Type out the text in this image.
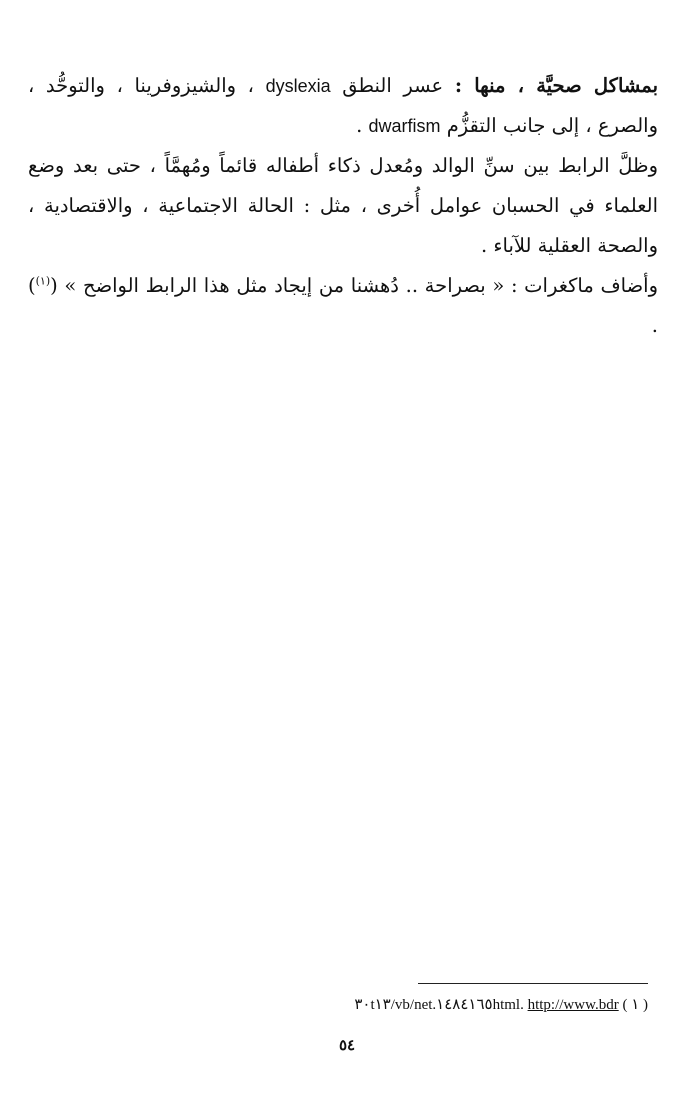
بمشاكل صحيَّة ، منها : عسر النطق dyslexia ، والشيزوفرينا ، والتوحُّد ، والصرع ، إلى جانب التقزُّم dwarfism .

وظلَّ الرابط بين سنِّ الوالد ومُعدل ذكاء أطفاله قائماً ومُهمَّاً ، حتى بعد وضع العلماء في الحسبان عوامل أُخرى ، مثل : الحالة الاجتماعية ، والاقتصادية ، والصحة العقلية للآباء .

وأضاف ماكغرات : « بصراحة .. دُهشنا من إيجاد مثل هذا الرابط الواضح » ($^{(١)}$) .

٣٠t١٣/vb/net.١٤٨٤١٦٥html. http://www.bdr ( ١ )
٥٤
